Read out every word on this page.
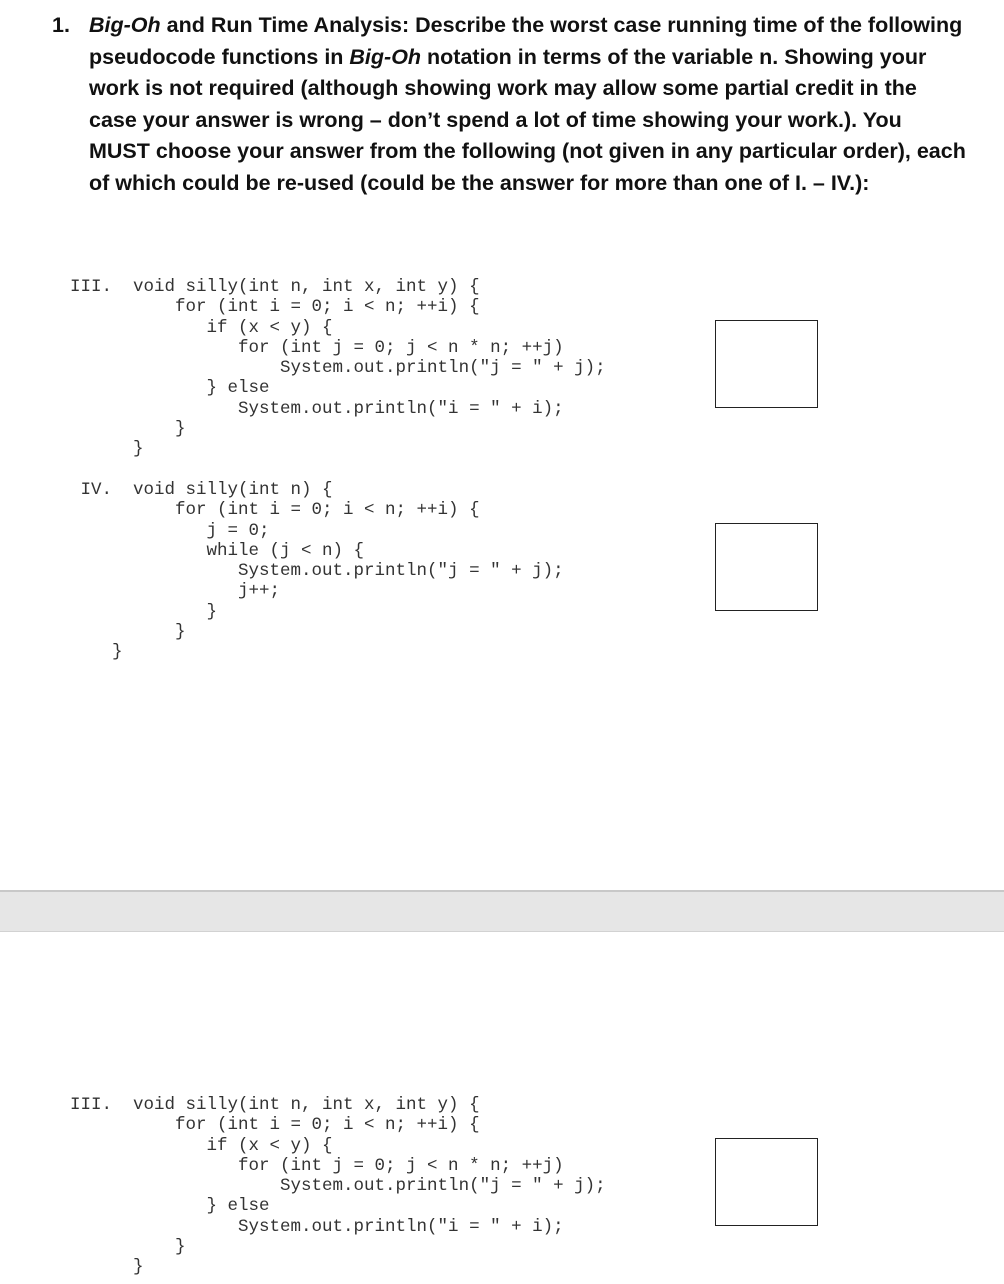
1. Big-Oh and Run Time Analysis: Describe the worst case running time of the following pseudocode functions in Big-Oh notation in terms of the variable n. Showing your work is not required (although showing work may allow some partial credit in the case your answer is wrong – don’t spend a lot of time showing your work.). You MUST choose your answer from the following (not given in any particular order), each of which could be re-used (could be the answer for more than one of I. – IV.):
III.  void silly(int n, int x, int y) {
for (int i = 0; i < n; ++i) {
if (x < y) {
for (int j = 0; j < n * n; ++j)
System.out.println("j = " + j);
} else
System.out.println("i = " + i);
}
}
IV.  void silly(int n) {
for (int i = 0; i < n; ++i) {
j = 0;
while (j < n) {
System.out.println("j = " + j);
j++;
}
}
}
III.  void silly(int n, int x, int y) {
for (int i = 0; i < n; ++i) {
if (x < y) {
for (int j = 0; j < n * n; ++j)
System.out.println("j = " + j);
} else
System.out.println("i = " + i);
}
}
